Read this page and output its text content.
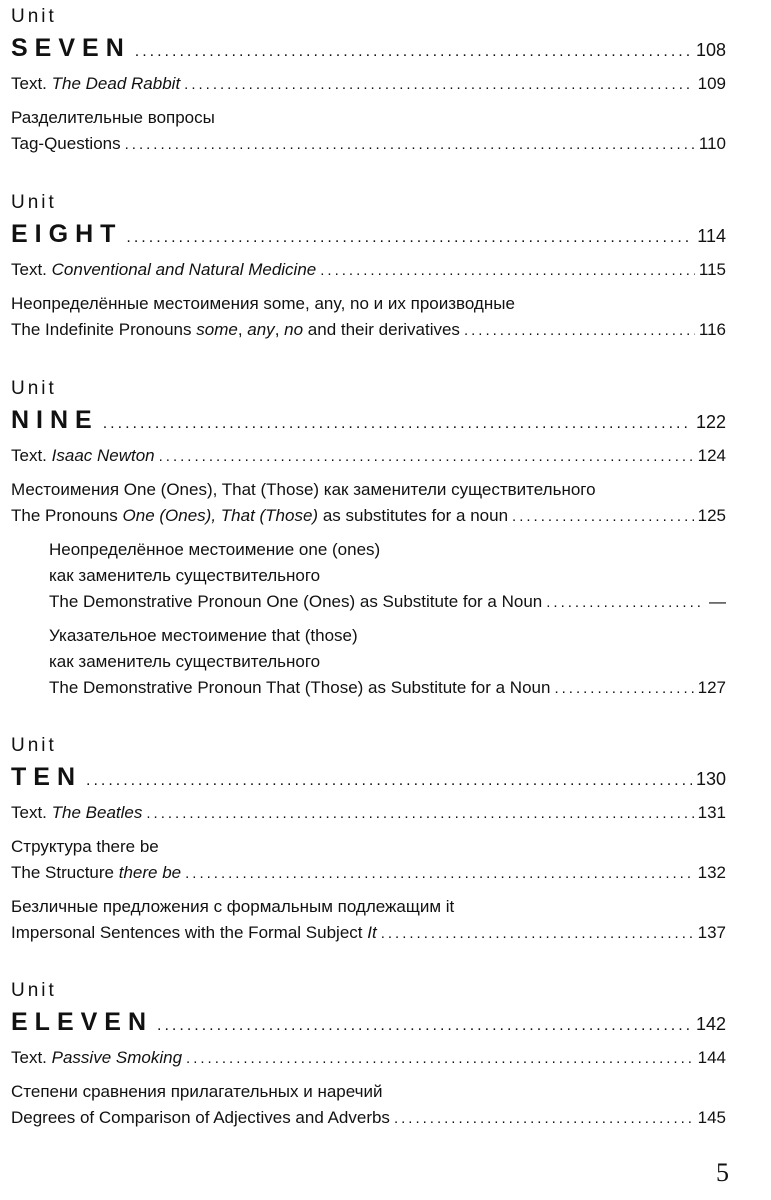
Unit
SEVEN .....	108
Text. The Dead Rabbit .....	109
Разделительные вопросы
Tag-Questions .....	110
Unit
EIGHT .....	114
Text. Conventional and Natural Medicine .....	115
Неопределённые местоимения some, any, no и их производные
The Indefinite Pronouns some, any, no and their derivatives .....	116
Unit
NINE .....	122
Text. Isaac Newton .....	124
Местоимения One (Ones), That (Those) как заменители существительного
The Pronouns One (Ones), That (Those) as substitutes for a noun .....	125
Неопределённое местоимение one (ones)
как заменитель существительного
The Demonstrative Pronoun One (Ones) as Substitute for a Noun .....	—
Указательное местоимение that (those)
как заменитель существительного
The Demonstrative Pronoun That (Those) as Substitute for a Noun .....	127
Unit
TEN .....	130
Text. The Beatles .....	131
Структура there be
The Structure there be .....	132
Безличные предложения с формальным подлежащим it
Impersonal Sentences with the Formal Subject It .....	137
Unit
ELEVEN .....	142
Text. Passive Smoking .....	144
Степени сравнения прилагательных и наречий
Degrees of Comparison of Adjectives and Adverbs .....	145
5
